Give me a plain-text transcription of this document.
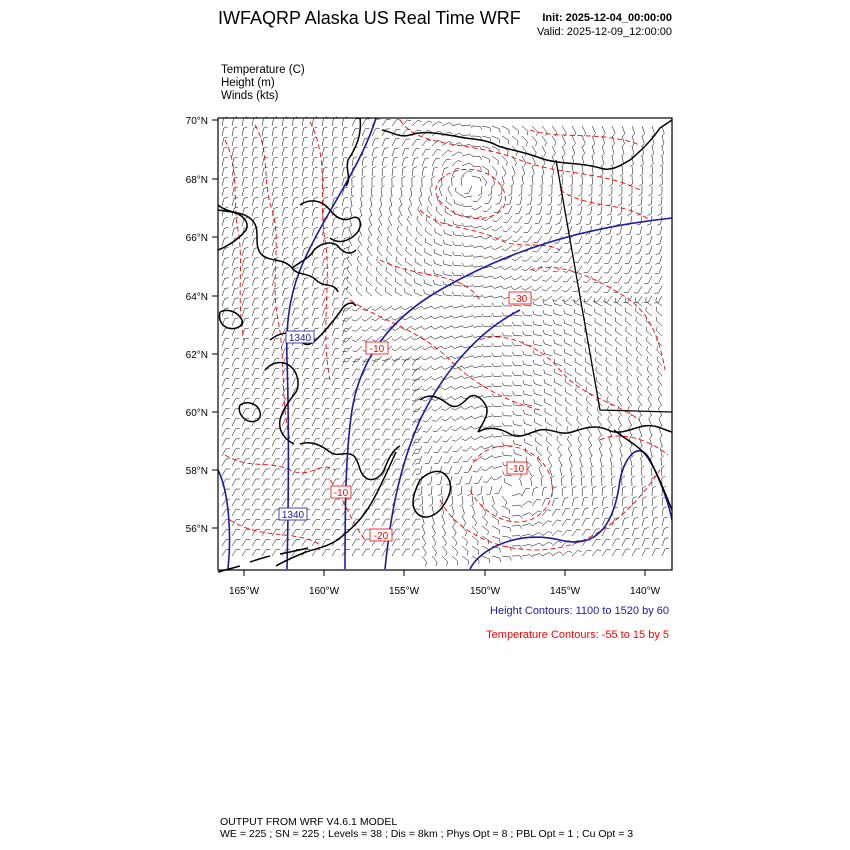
IWFAQRP Alaska US Real Time WRF	Init: 2025-12-04_00:00:00
Valid: 2025-12-09_12:00:00
Temperature (C)
Height (m)
Winds (kts)
1340
1340
-10
-10
-20
-30
-10
70°N
68°N
66°N
64°N
62°N
60°N
58°N
56°N
165°W	160°W	155°W	150°W	145°W	140°W
Height Contours: 1100 to 1520 by 60
Temperature Contours: -55 to 15 by 5
OUTPUT FROM WRF V4.6.1 MODEL
WE = 225 ; SN = 225 ; Levels = 38 ; Dis = 8km ; Phys Opt = 8 ; PBL Opt = 1 ; Cu Opt = 3
